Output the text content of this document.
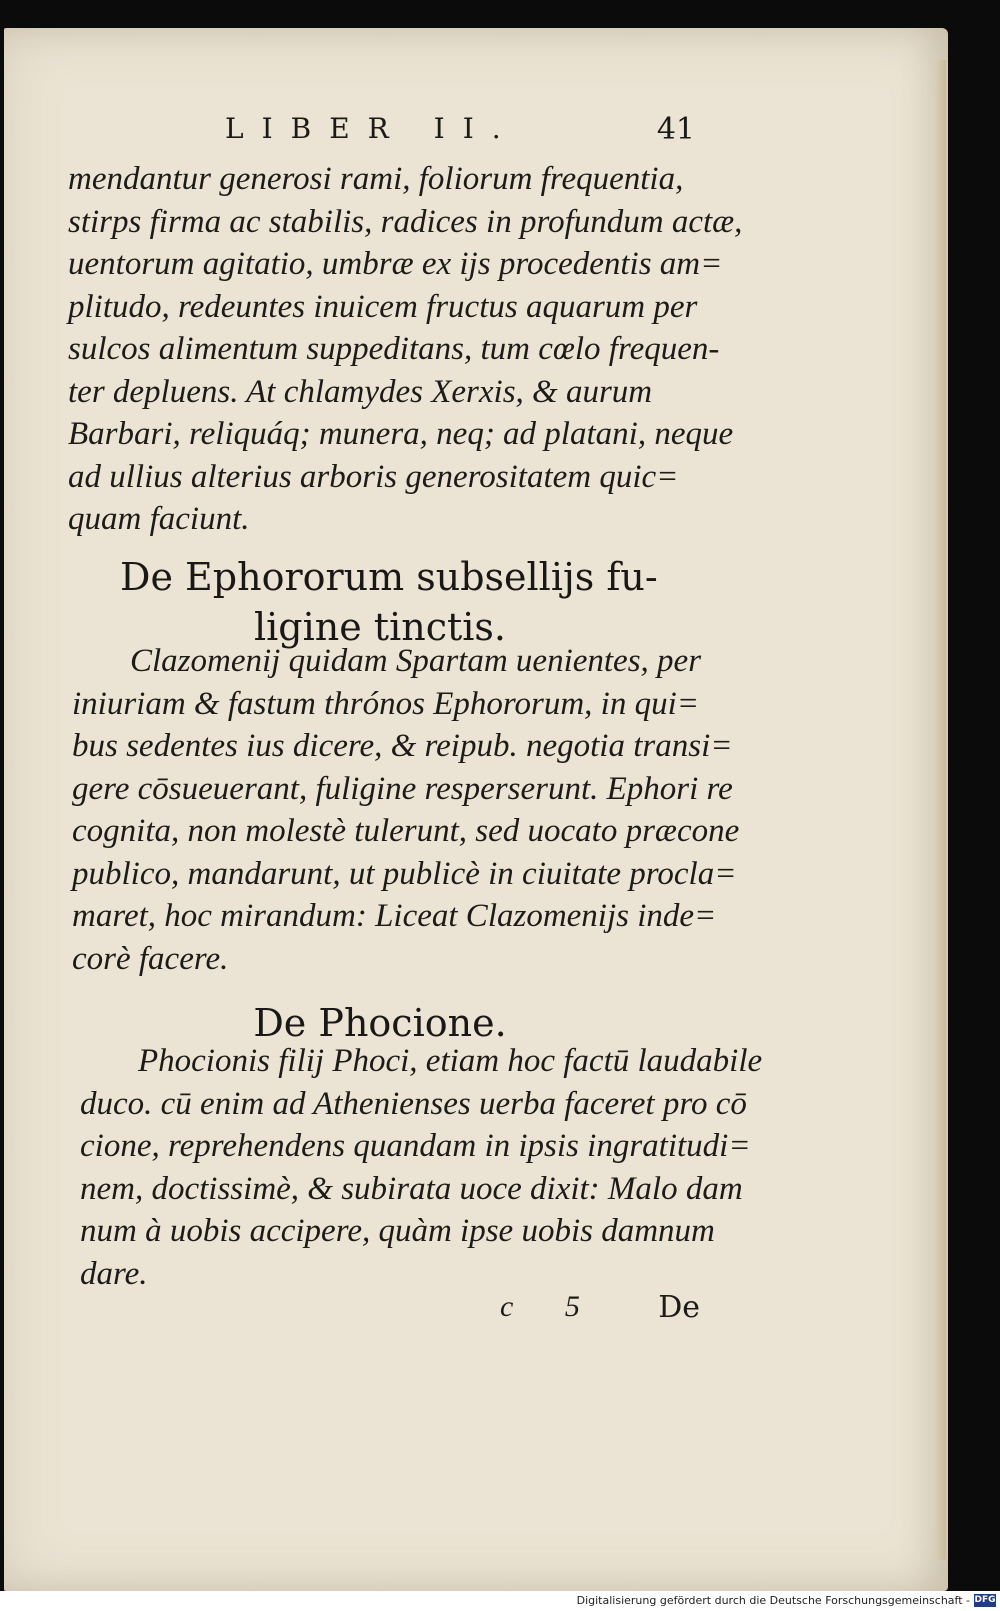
LIBER II.	41
mendantur generosi rami, foliorum frequentia,
stirps firma ac stabilis, radices in profundum actæ,
uentorum agitatio, umbræ ex ijs procedentis am=
plitudo, redeuntes inuicem fructus aquarum per
sulcos alimentum suppeditans, tum cœlo frequen-
ter depluens. At chlamydes Xerxis, & aurum
Barbari, reliquáq; munera, neq; ad platani, neque
ad ullius alterius arboris generositatem quic=
quam faciunt.
De Ephororum subsellijs fu-
ligine tinctis.
Clazomenij quidam Spartam uenientes, per
iniuriam & fastum thrónos Ephororum, in qui=
bus sedentes ius dicere, & reipub. negotia transi=
gere cōsueuerant, fuligine resperserunt. Ephori re
cognita, non molestè tulerunt, sed uocato præcone
publico, mandarunt, ut publicè in ciuitate procla=
maret, hoc mirandum: Liceat Clazomenijs inde=
corè facere.
De Phocione.
Phocionis filij Phoci, etiam hoc factū laudabile
duco. cū enim ad Athenienses uerba faceret pro cō
cione, reprehendens quandam in ipsis ingratitudi=
nem, doctissimè, & subirata uoce dixit: Malo dam
num à uobis accipere, quàm ipse uobis damnum
dare.
c 5 De
Digitalisierung gefördert durch die Deutsche Forschungsgemeinschaft - DFG
